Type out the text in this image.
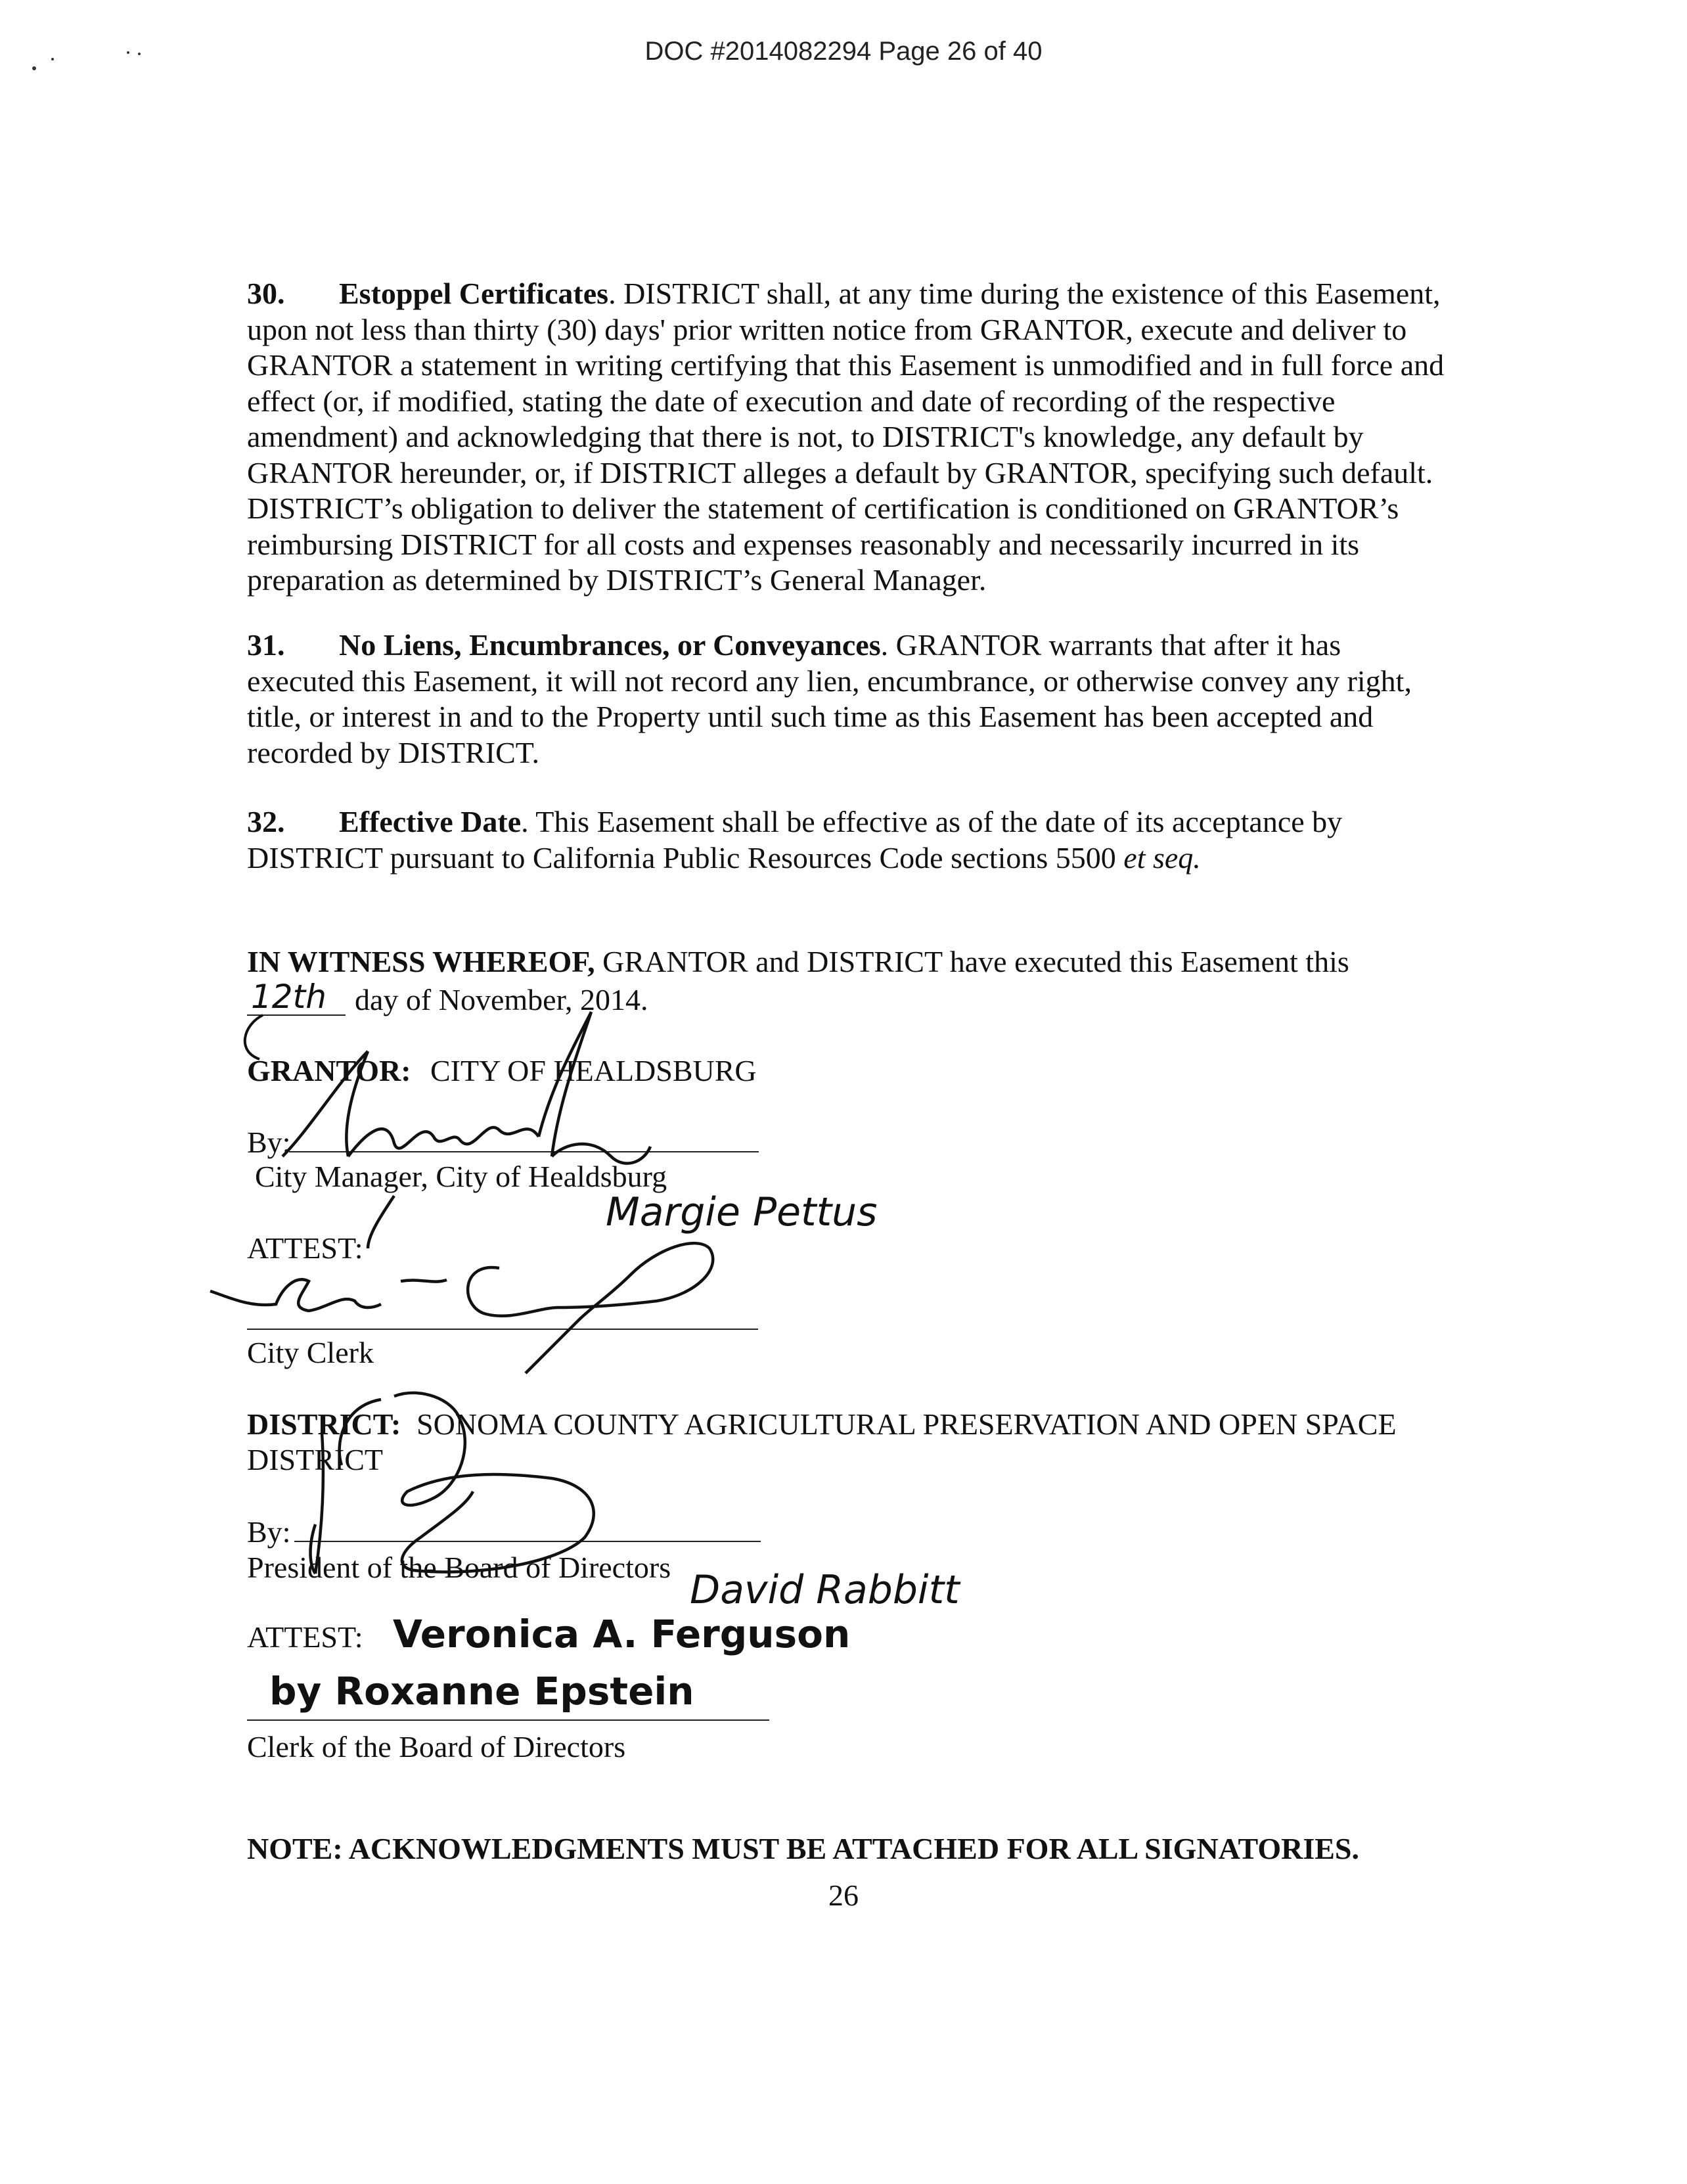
DOC #2014082294 Page 26 of 40
30. Estoppel Certificates. DISTRICT shall, at any time during the existence of this Easement, upon not less than thirty (30) days' prior written notice from GRANTOR, execute and deliver to GRANTOR a statement in writing certifying that this Easement is unmodified and in full force and effect (or, if modified, stating the date of execution and date of recording of the respective amendment) and acknowledging that there is not, to DISTRICT's knowledge, any default by GRANTOR hereunder, or, if DISTRICT alleges a default by GRANTOR, specifying such default. DISTRICT’s obligation to deliver the statement of certification is conditioned on GRANTOR’s reimbursing DISTRICT for all costs and expenses reasonably and necessarily incurred in its preparation as determined by DISTRICT’s General Manager.
31. No Liens, Encumbrances, or Conveyances. GRANTOR warrants that after it has executed this Easement, it will not record any lien, encumbrance, or otherwise convey any right, title, or interest in and to the Property until such time as this Easement has been accepted and recorded by DISTRICT.
32. Effective Date. This Easement shall be effective as of the date of its acceptance by DISTRICT pursuant to California Public Resources Code sections 5500 et seq.
IN WITNESS WHEREOF, GRANTOR and DISTRICT have executed this Easement this
12th day of November, 2014.
GRANTOR: CITY OF HEALDSBURG
By:
City Manager, City of Healdsburg
Margie Pettus
ATTEST:
City Clerk
DISTRICT: SONOMA COUNTY AGRICULTURAL PRESERVATION AND OPEN SPACE
DISTRICT
By:
President of the Board of Directors David Rabbitt
ATTEST: Veronica A. Ferguson
by Roxanne Epstein
Clerk of the Board of Directors
NOTE: ACKNOWLEDGMENTS MUST BE ATTACHED FOR ALL SIGNATORIES.
26
